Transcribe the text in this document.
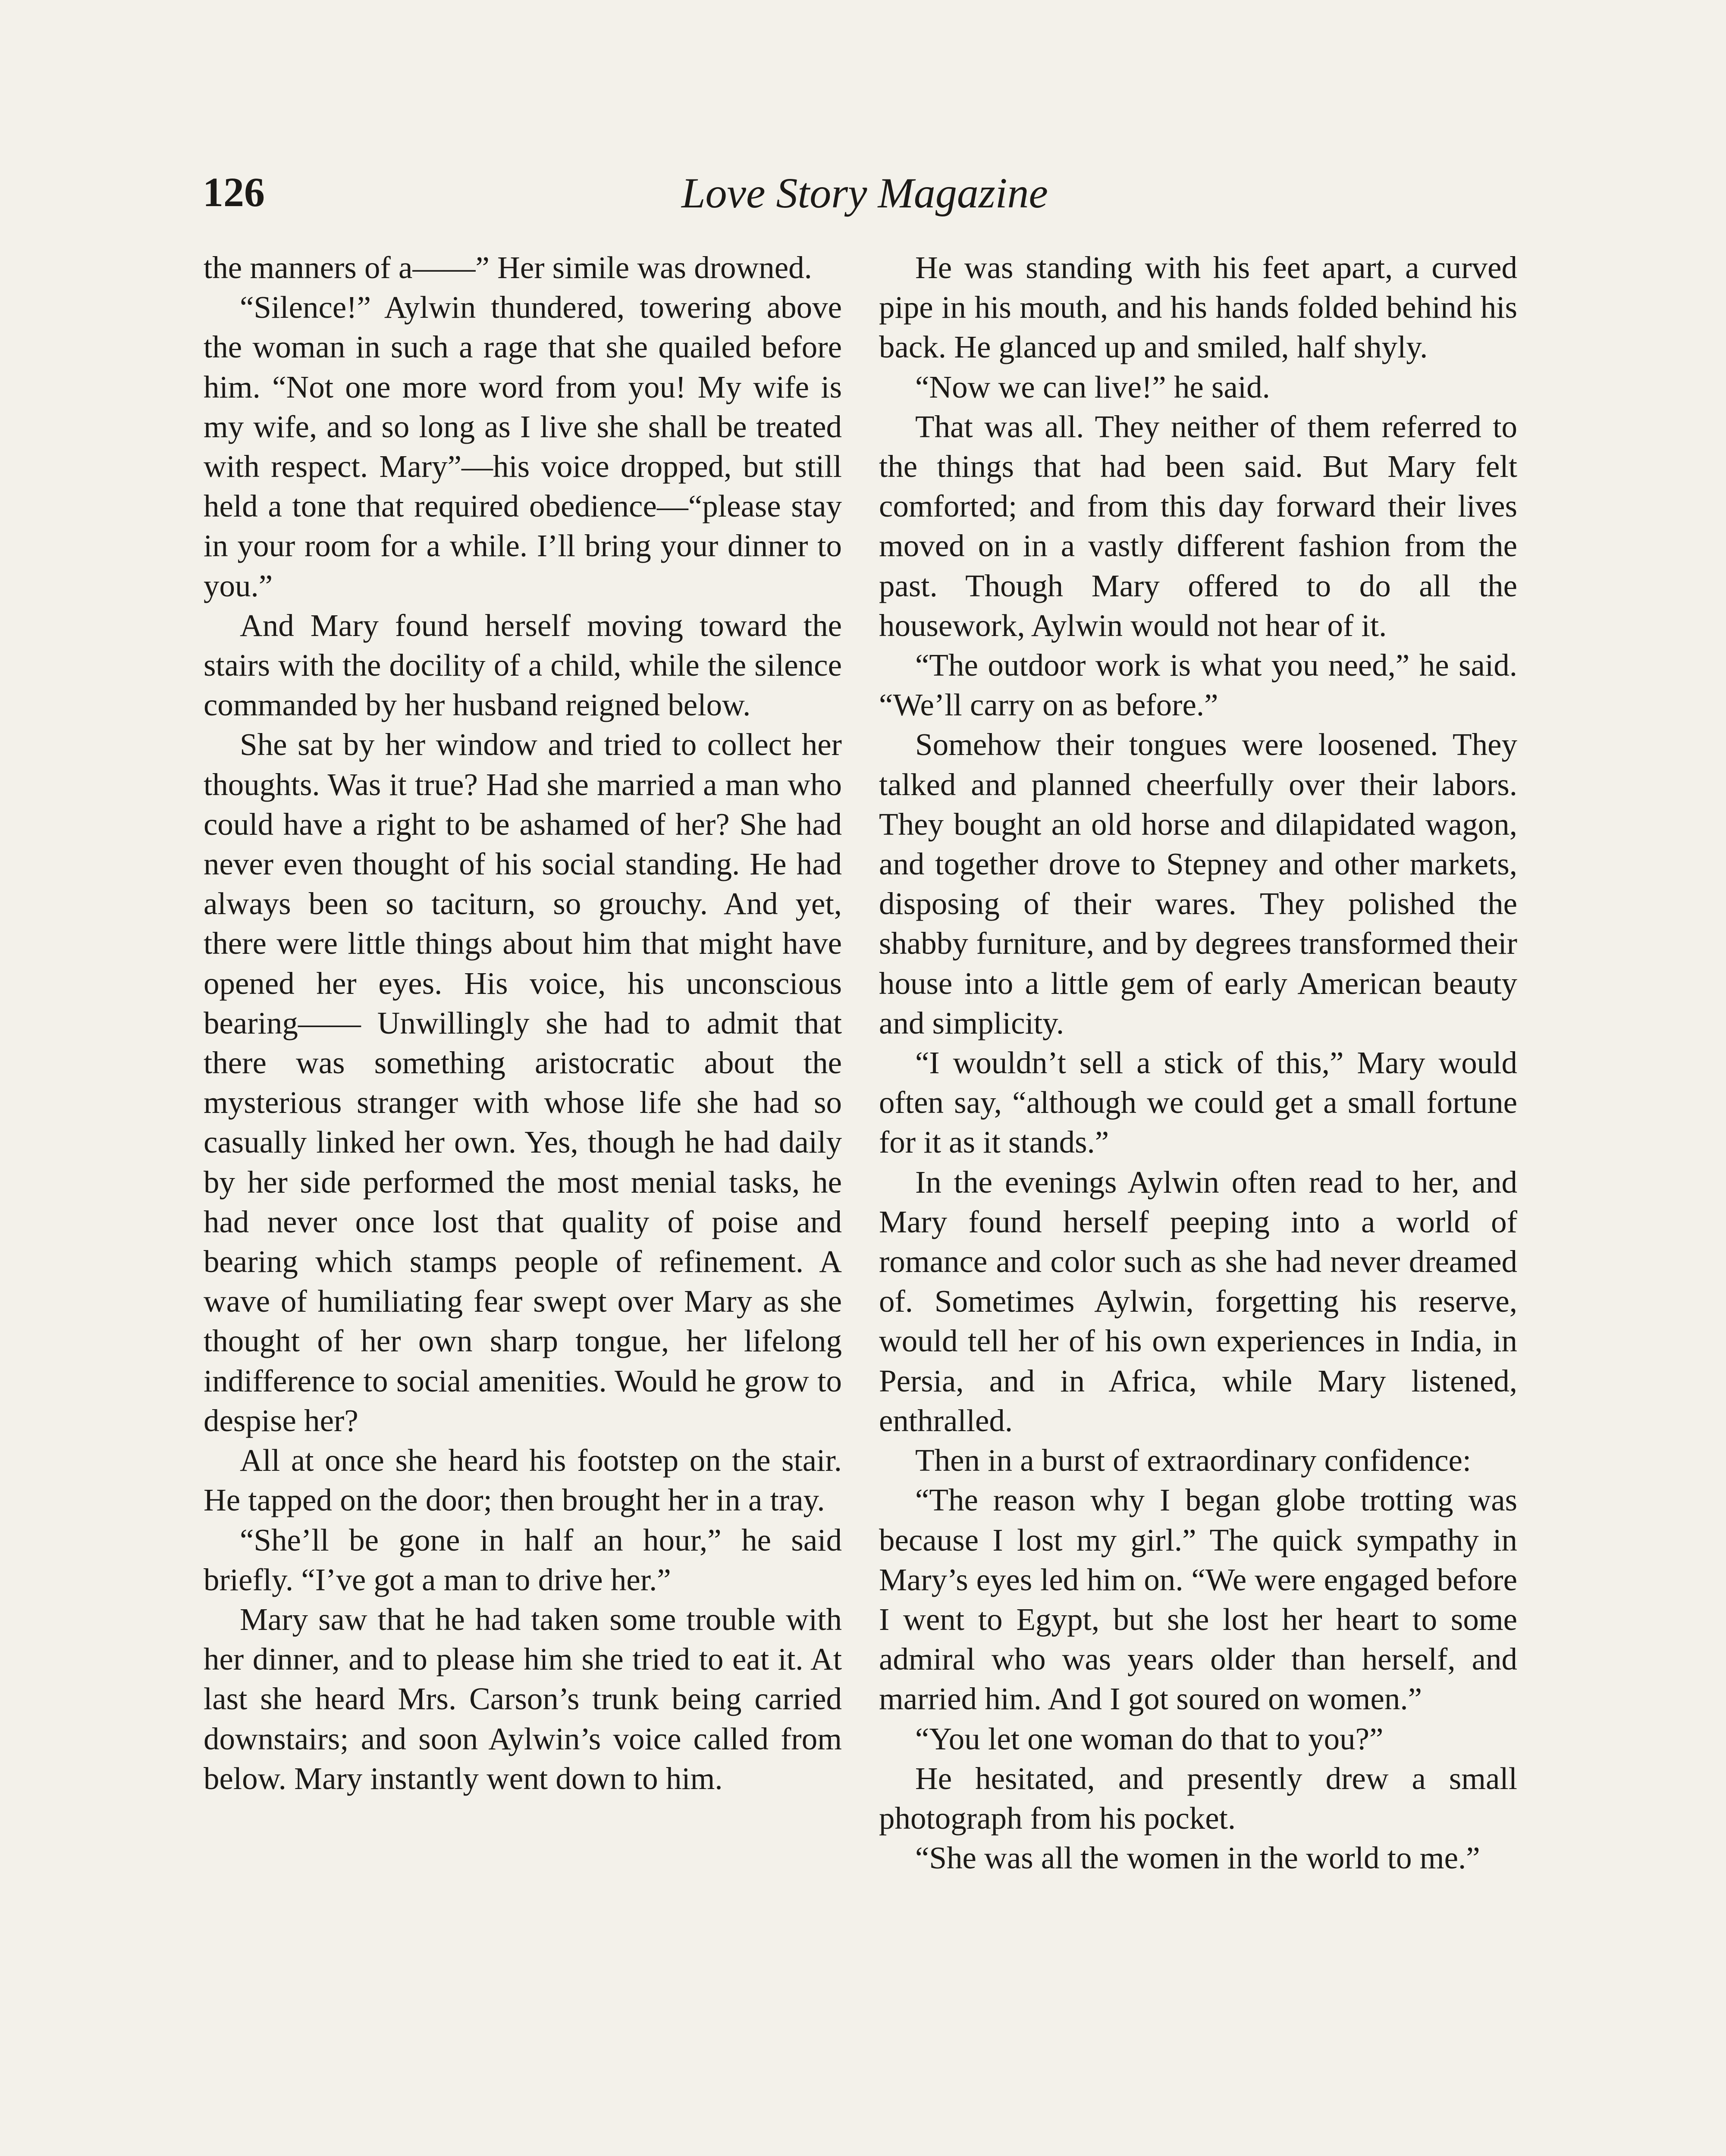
126	Love Story Magazine

the manners of a——” Her simile was drowned.

“Silence!” Aylwin thundered, towering above the woman in such a rage that she quailed before him. “Not one more word from you! My wife is my wife, and so long as I live she shall be treated with respect. Mary”—his voice dropped, but still held a tone that required obedience—“please stay in your room for a while. I’ll bring your dinner to you.”

And Mary found herself moving toward the stairs with the docility of a child, while the silence commanded by her husband reigned below.

She sat by her window and tried to collect her thoughts. Was it true? Had she married a man who could have a right to be ashamed of her? She had never even thought of his social standing. He had always been so taciturn, so grouchy. And yet, there were little things about him that might have opened her eyes. His voice, his unconscious bearing—— Unwillingly she had to admit that there was something aristocratic about the mysterious stranger with whose life she had so casually linked her own. Yes, though he had daily by her side performed the most menial tasks, he had never once lost that quality of poise and bearing which stamps people of refinement. A wave of humiliating fear swept over Mary as she thought of her own sharp tongue, her lifelong indifference to social amenities. Would he grow to despise her?

All at once she heard his footstep on the stair. He tapped on the door; then brought her in a tray.

“She’ll be gone in half an hour,” he said briefly. “I’ve got a man to drive her.”

Mary saw that he had taken some trouble with her dinner, and to please him she tried to eat it. At last she heard Mrs. Carson’s trunk being carried downstairs; and soon Aylwin’s voice called from below. Mary instantly went down to him.

He was standing with his feet apart, a curved pipe in his mouth, and his hands folded behind his back. He glanced up and smiled, half shyly.

“Now we can live!” he said.

That was all. They neither of them referred to the things that had been said. But Mary felt comforted; and from this day forward their lives moved on in a vastly different fashion from the past. Though Mary offered to do all the housework, Aylwin would not hear of it.

“The outdoor work is what you need,” he said. “We’ll carry on as before.”

Somehow their tongues were loosened. They talked and planned cheerfully over their labors. They bought an old horse and dilapidated wagon, and together drove to Stepney and other markets, disposing of their wares. They polished the shabby furniture, and by degrees transformed their house into a little gem of early American beauty and simplicity.

“I wouldn’t sell a stick of this,” Mary would often say, “although we could get a small fortune for it as it stands.”

In the evenings Aylwin often read to her, and Mary found herself peeping into a world of romance and color such as she had never dreamed of. Sometimes Aylwin, forgetting his reserve, would tell her of his own experiences in India, in Persia, and in Africa, while Mary listened, enthralled.

Then in a burst of extraordinary confidence:

“The reason why I began globe trotting was because I lost my girl.” The quick sympathy in Mary’s eyes led him on. “We were engaged before I went to Egypt, but she lost her heart to some admiral who was years older than herself, and married him. And I got soured on women.”

“You let one woman do that to you?”

He hesitated, and presently drew a small photograph from his pocket.

“She was all the women in the world to me.”
